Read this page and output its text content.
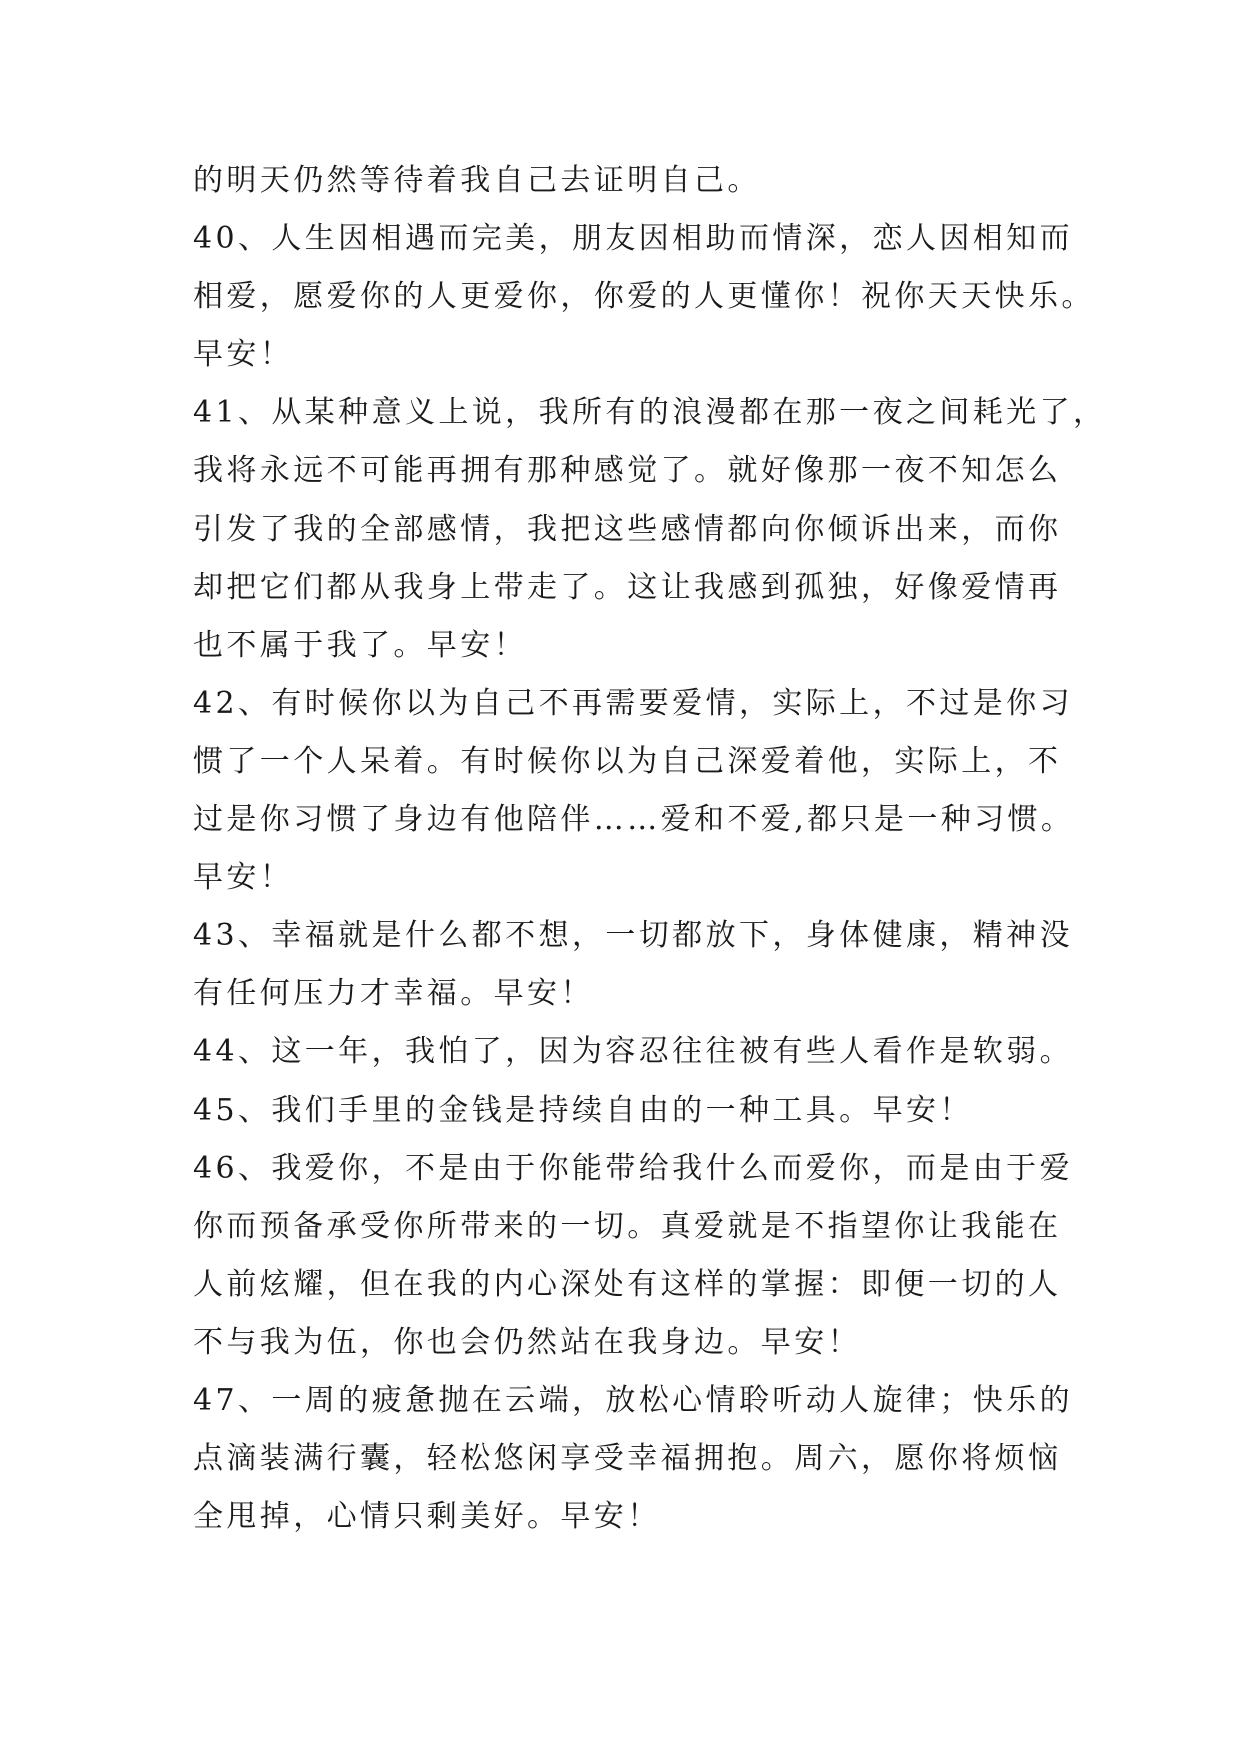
的明天仍然等待着我自己去证明自己。
40、人生因相遇而完美，朋友因相助而情深，恋人因相知而
相爱，愿爱你的人更爱你，你爱的人更懂你！祝你天天快乐。
早安！
41、从某种意义上说，我所有的浪漫都在那一夜之间耗光了，
我将永远不可能再拥有那种感觉了。就好像那一夜不知怎么
引发了我的全部感情，我把这些感情都向你倾诉出来，而你
却把它们都从我身上带走了。这让我感到孤独，好像爱情再
也不属于我了。早安！
42、有时候你以为自己不再需要爱情，实际上，不过是你习
惯了一个人呆着。有时候你以为自己深爱着他，实际上，不
过是你习惯了身边有他陪伴……爱和不爱,都只是一种习惯。
早安！
43、幸福就是什么都不想，一切都放下，身体健康，精神没
有任何压力才幸福。早安！
44、这一年，我怕了，因为容忍往往被有些人看作是软弱。
45、我们手里的金钱是持续自由的一种工具。早安！
46、我爱你，不是由于你能带给我什么而爱你，而是由于爱
你而预备承受你所带来的一切。真爱就是不指望你让我能在
人前炫耀，但在我的内心深处有这样的掌握：即便一切的人
不与我为伍，你也会仍然站在我身边。早安！
47、一周的疲惫抛在云端，放松心情聆听动人旋律；快乐的
点滴装满行囊，轻松悠闲享受幸福拥抱。周六，愿你将烦恼
全甩掉，心情只剩美好。早安！
